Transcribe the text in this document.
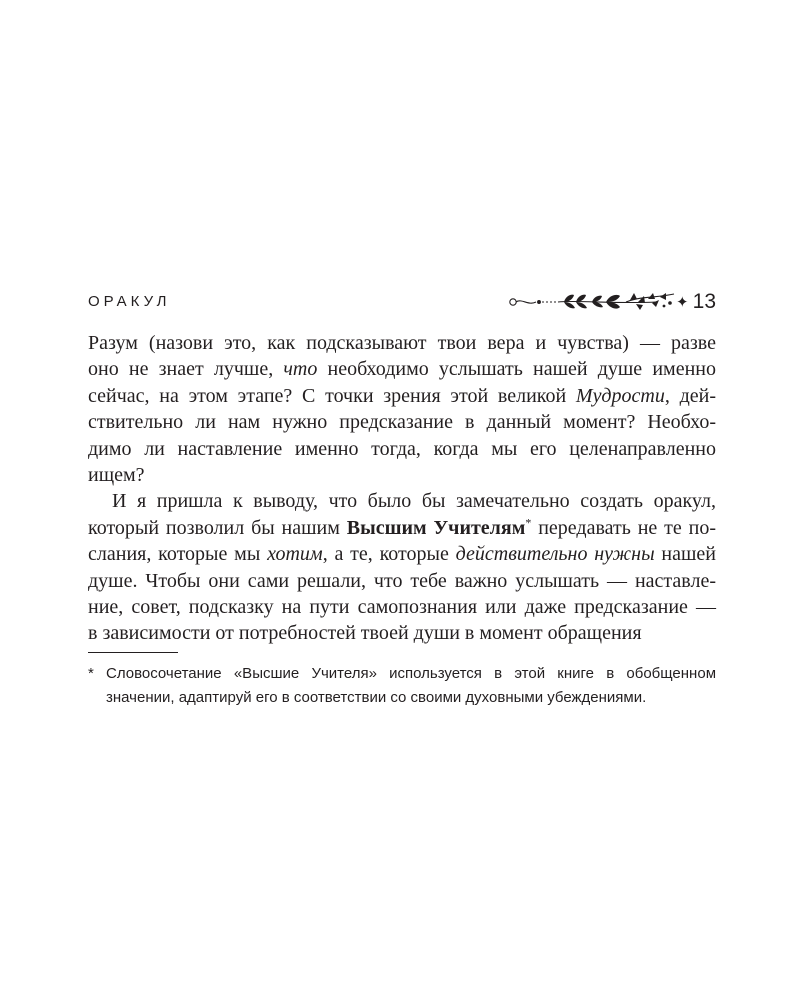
ОРАКУЛ	✦ 13

Разум (назови это, как подсказывают твои вера и чувства) — разве

оно не знает лучше, что необходимо услышать нашей душе именно

сейчас, на этом этапе? С точки зрения этой великой Мудрости, дей-

ствительно ли нам нужно предсказание в данный момент? Необхо-

димо ли наставление именно тогда, когда мы его целенаправленно

ищем?

И я пришла к выводу, что было бы замечательно создать оракул,

который позволил бы нашим Высшим Учителям* передавать не те по-

слания, которые мы хотим, а те, которые действительно нужны нашей

душе. Чтобы они сами решали, что тебе важно услышать — наставле-

ние, совет, подсказку на пути самопознания или даже предсказание —

в зависимости от потребностей твоей души в момент обращения

* Словосочетание «Высшие Учителя» используется в этой книге в обобщенном значении, адаптируй его в соответствии со своими духовными убеждениями.
